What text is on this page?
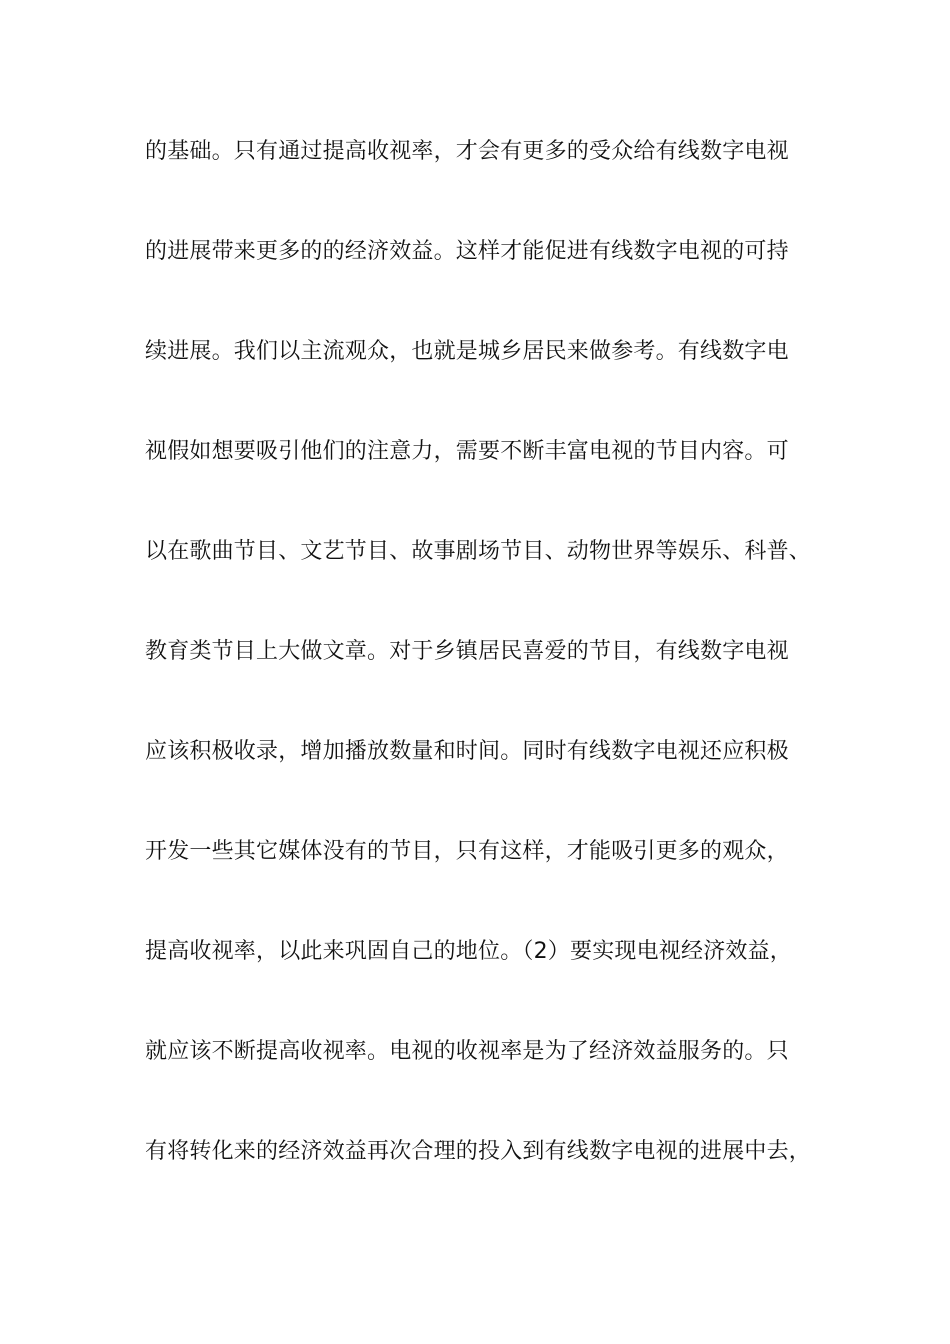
的基础。只有通过提高收视率，才会有更多的受众给有线数字电视
的进展带来更多的的经济效益。这样才能促进有线数字电视的可持
续进展。我们以主流观众，也就是城乡居民来做参考。有线数字电
视假如想要吸引他们的注意力，需要不断丰富电视的节目内容。可
以在歌曲节目、文艺节目、故事剧场节目、动物世界等娱乐、科普、
教育类节目上大做文章。对于乡镇居民喜爱的节目，有线数字电视
应该积极收录，增加播放数量和时间。同时有线数字电视还应积极
开发一些其它媒体没有的节目，只有这样，才能吸引更多的观众，
提高收视率，以此来巩固自己的地位。（2）要实现电视经济效益，
就应该不断提高收视率。电视的收视率是为了经济效益服务的。只
有将转化来的经济效益再次合理的投入到有线数字电视的进展中去，
